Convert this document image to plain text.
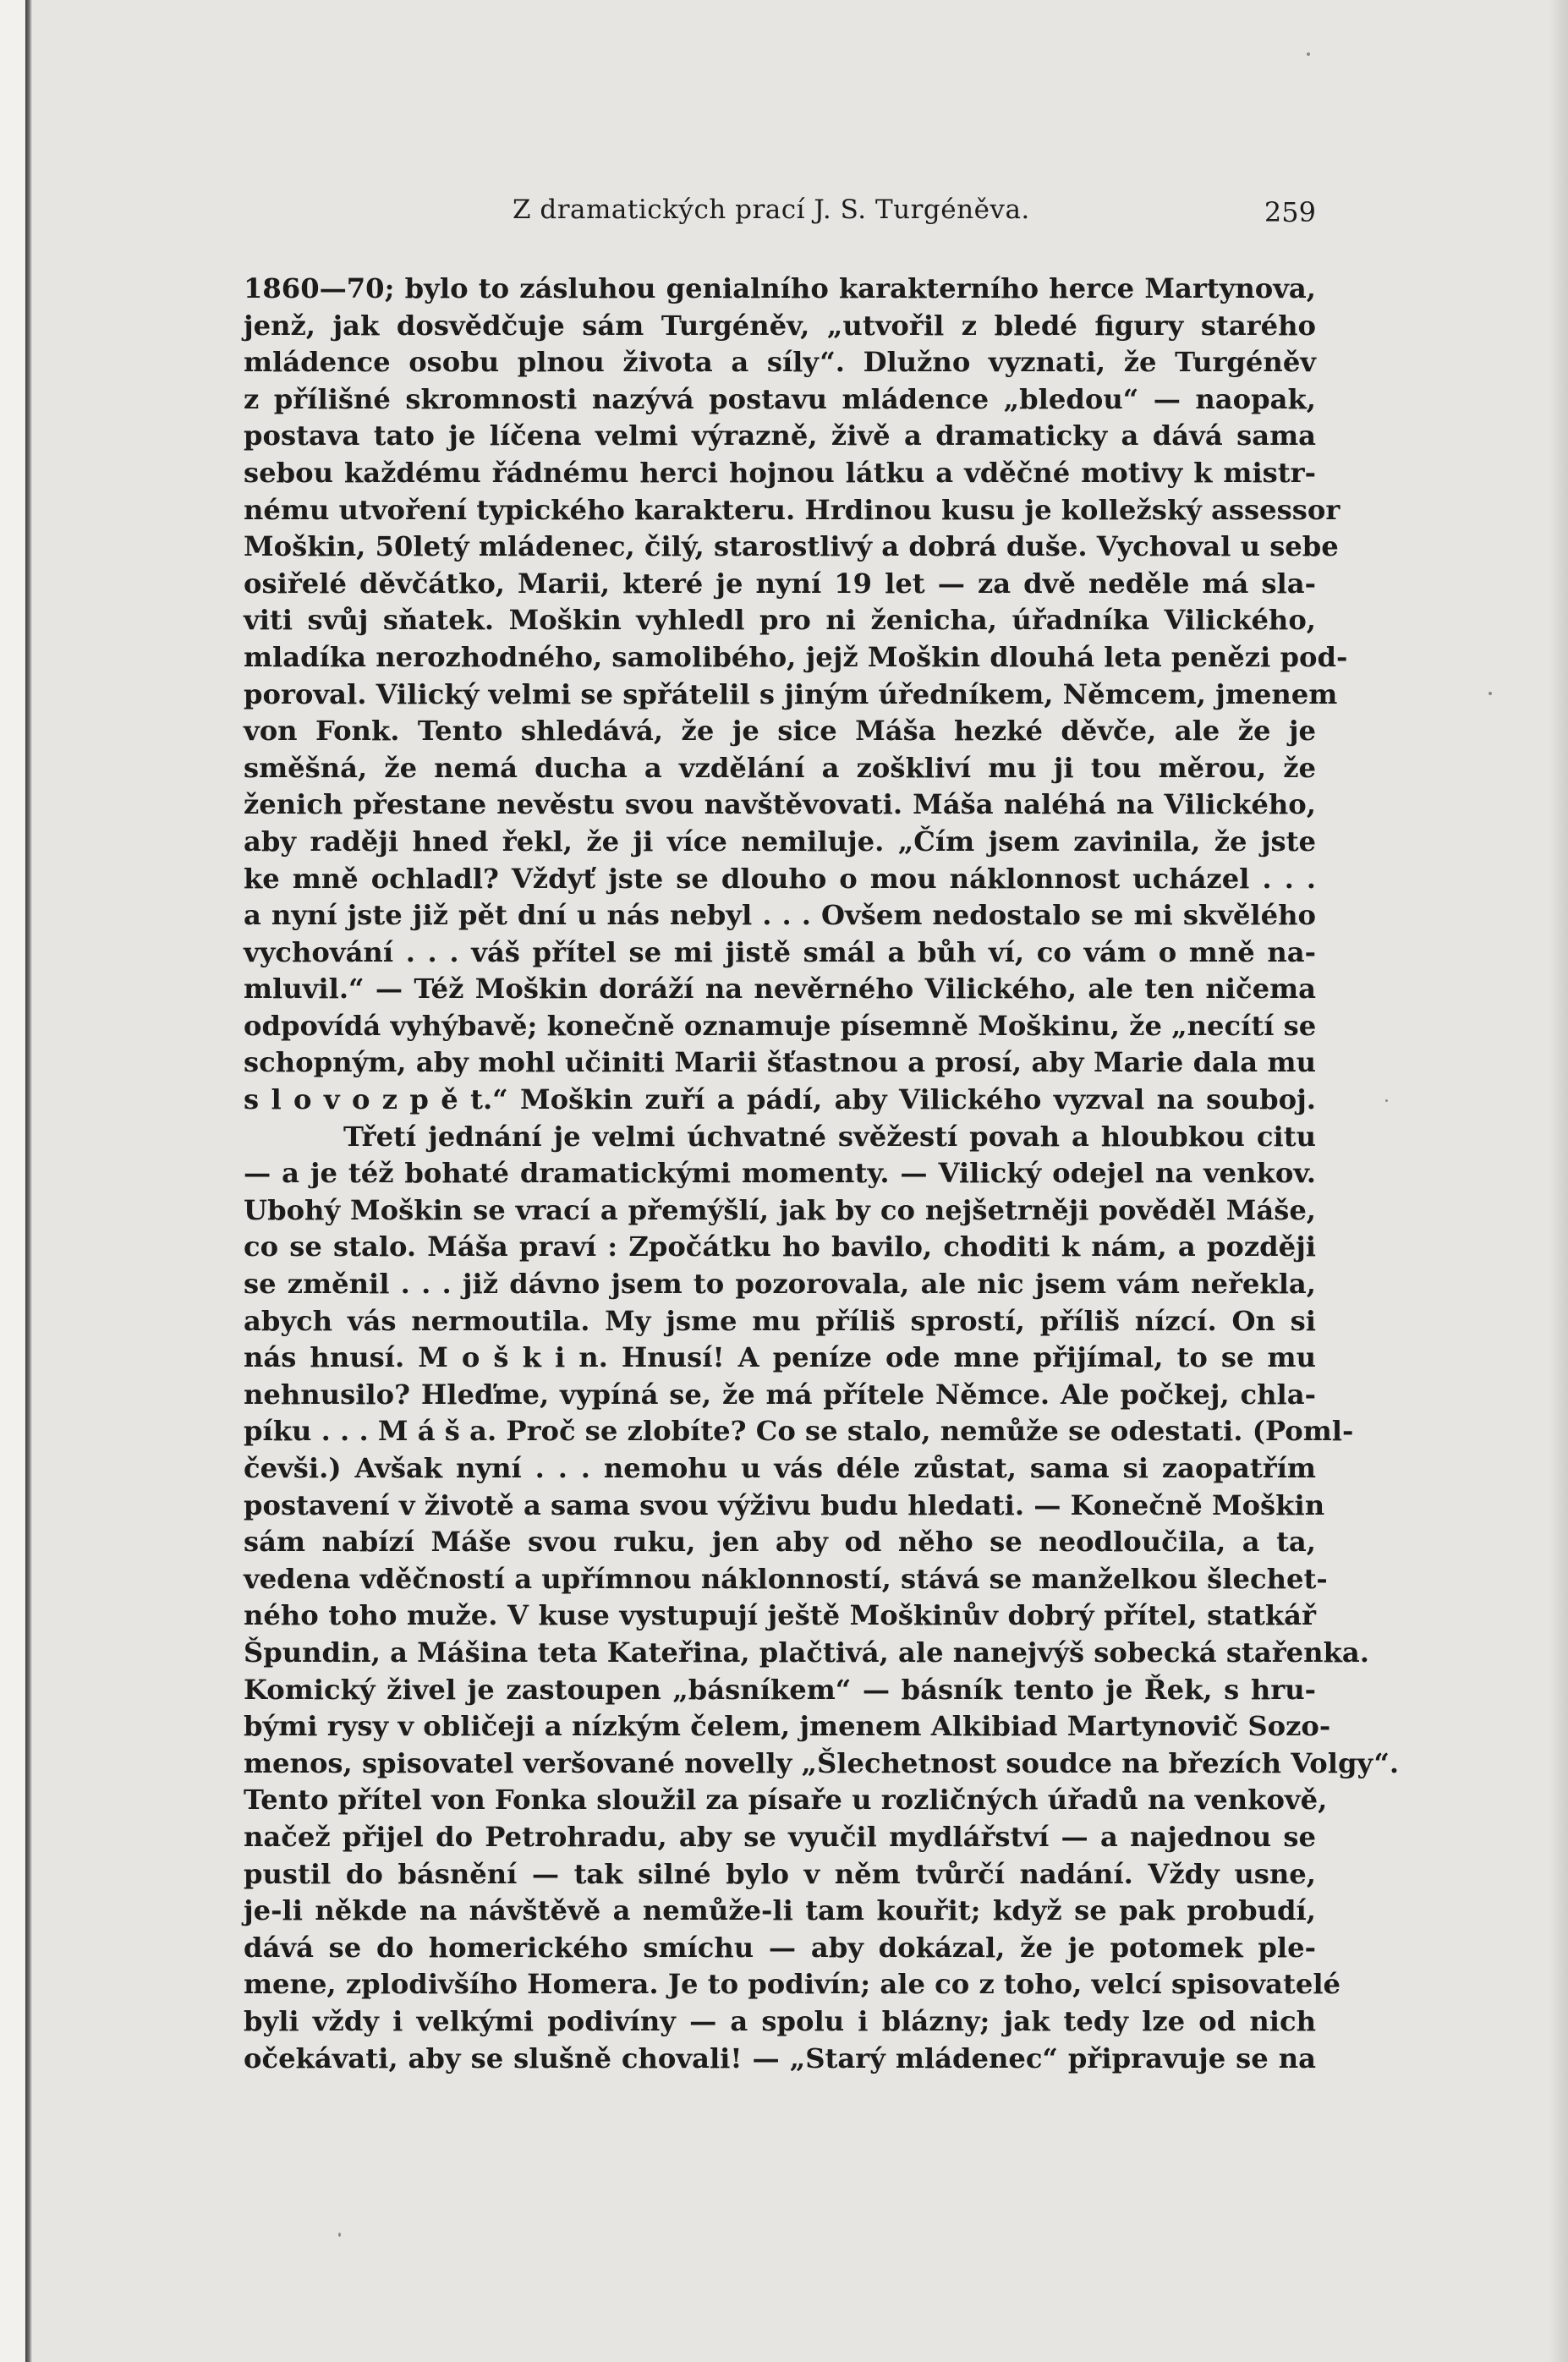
Z dramatických prací J. S. Turgéněva.	259
1860—70; bylo to zásluhou genialního karakterního herce Martynova,
jenž, jak dosvědčuje sám Turgéněv, „utvořil z bledé figury starého
mládence osobu plnou života a síly“. Dlužno vyznati, že Turgéněv
z přílišné skromnosti nazývá postavu mládence „bledou“ — naopak,
postava tato je líčena velmi výrazně, živě a dramaticky a dává sama
sebou každému řádnému herci hojnou látku a vděčné motivy k mistr-
nému utvoření typického karakteru. Hrdinou kusu je kolležský assessor
Moškin, 50letý mládenec, čilý, starostlivý a dobrá duše. Vychoval u sebe
osiřelé děvčátko, Marii, které je nyní 19 let — za dvě neděle má sla-
viti svůj sňatek. Moškin vyhledl pro ni ženicha, úřadníka Vilického,
mladíka nerozhodného, samolibého, jejž Moškin dlouhá leta penězi pod-
poroval. Vilický velmi se spřátelil s jiným úředníkem, Němcem, jmenem
von Fonk. Tento shledává, že je sice Máša hezké děvče, ale že je
směšná, že nemá ducha a vzdělání a zoškliví mu ji tou měrou, že
ženich přestane nevěstu svou navštěvovati. Máša naléhá na Vilického,
aby raději hned řekl, že ji více nemiluje. „Čím jsem zavinila, že jste
ke mně ochladl? Vždyť jste se dlouho o mou náklonnost ucházel . . .
a nyní jste již pět dní u nás nebyl . . . Ovšem nedostalo se mi skvělého
vychování . . . váš přítel se mi jistě smál a bůh ví, co vám o mně na-
mluvil.“ — Též Moškin doráží na nevěrného Vilického, ale ten ničema
odpovídá vyhýbavě; konečně oznamuje písemně Moškinu, že „necítí se
schopným, aby mohl učiniti Marii šťastnou a prosí, aby Marie dala mu
s l o v o z p ě t.“ Moškin zuří a pádí, aby Vilického vyzval na souboj.
Třetí jednání je velmi úchvatné svěžestí povah a hloubkou citu
— a je též bohaté dramatickými momenty. — Vilický odejel na venkov.
Ubohý Moškin se vrací a přemýšlí, jak by co nejšetrněji pověděl Máše,
co se stalo. Máša praví : Zpočátku ho bavilo, choditi k nám, a později
se změnil . . . již dávno jsem to pozorovala, ale nic jsem vám neřekla,
abych vás nermoutila. My jsme mu příliš sprostí, příliš nízcí. On si
nás hnusí. M o š k i n. Hnusí! A peníze ode mne přijímal, to se mu
nehnusilo? Hleďme, vypíná se, že má přítele Němce. Ale počkej, chla-
píku . . . M á š a. Proč se zlobíte? Co se stalo, nemůže se odestati. (Poml-
čevši.) Avšak nyní . . . nemohu u vás déle zůstat, sama si zaopatřím
postavení v životě a sama svou výživu budu hledati. — Konečně Moškin
sám nabízí Máše svou ruku, jen aby od něho se neodloučila, a ta,
vedena vděčností a upřímnou náklonností, stává se manželkou šlechet-
ného toho muže. V kuse vystupují ještě Moškinův dobrý přítel, statkář
Špundin, a Mášina teta Kateřina, plačtivá, ale nanejvýš sobecká stařenka.
Komický živel je zastoupen „básníkem“ — básník tento je Řek, s hru-
bými rysy v obličeji a nízkým čelem, jmenem Alkibiad Martynovič Sozo-
menos, spisovatel veršované novelly „Šlechetnost soudce na březích Volgy“.
Tento přítel von Fonka sloužil za písaře u rozličných úřadů na venkově,
načež přijel do Petrohradu, aby se vyučil mydlářství — a najednou se
pustil do básnění — tak silné bylo v něm tvůrčí nadání. Vždy usne,
je-li někde na návštěvě a nemůže-li tam kouřit; když se pak probudí,
dává se do homerického smíchu — aby dokázal, že je potomek ple-
mene, zplodivšího Homera. Je to podivín; ale co z toho, velcí spisovatelé
byli vždy i velkými podivíny — a spolu i blázny; jak tedy lze od nich
očekávati, aby se slušně chovali! — „Starý mládenec“ připravuje se na
